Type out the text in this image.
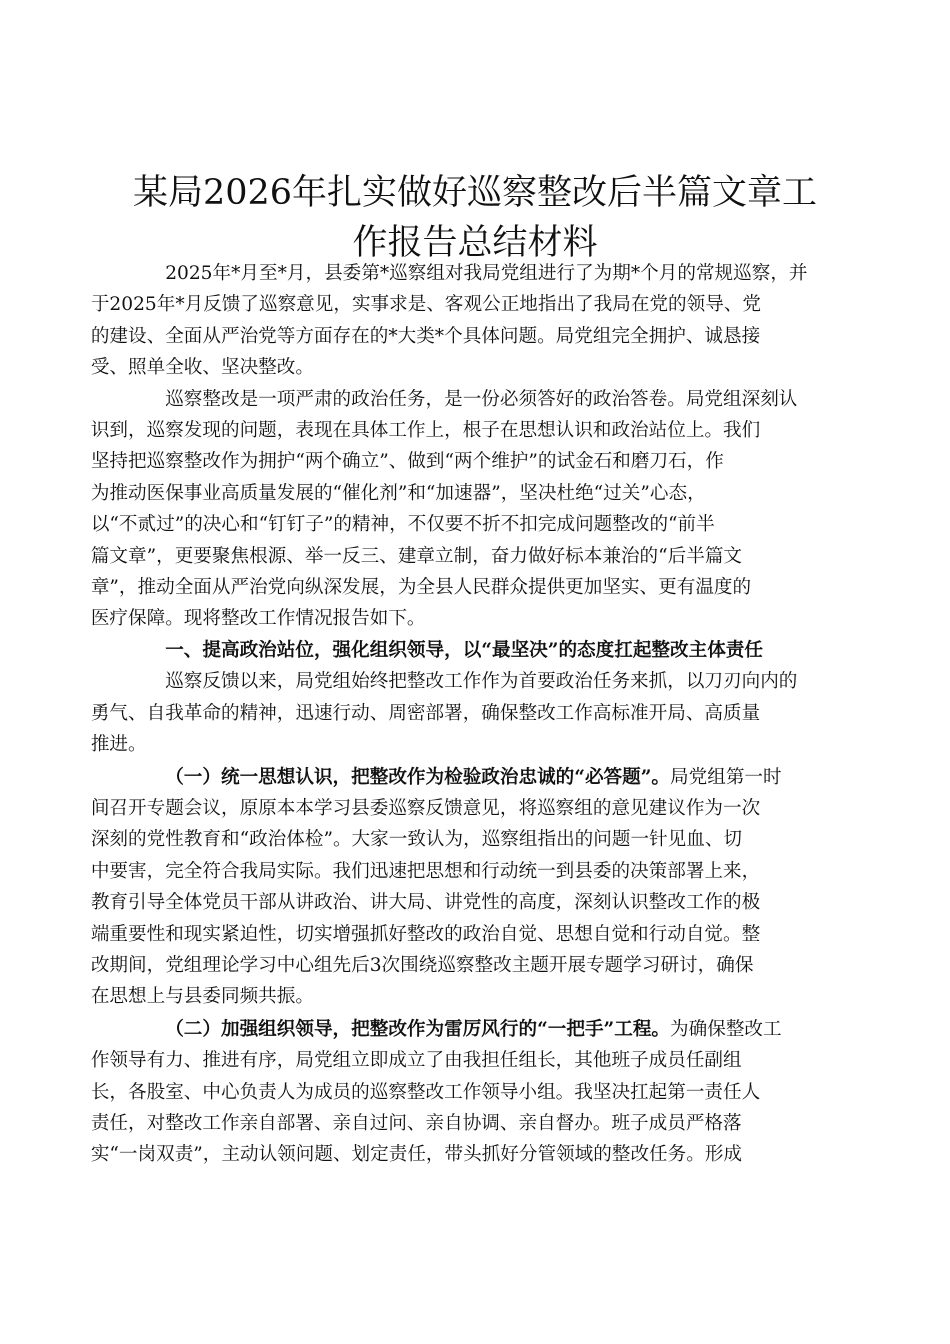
某局2026年扎实做好巡察整改后半篇文章工
作报告总结材料

2025年*月至*月，县委第*巡察组对我局党组进行了为期*个月的常规巡察，并
于2025年*月反馈了巡察意见，实事求是、客观公正地指出了我局在党的领导、党
的建设、全面从严治党等方面存在的*大类*个具体问题。局党组完全拥护、诚恳接
受、照单全收、坚决整改。

巡察整改是一项严肃的政治任务，是一份必须答好的政治答卷。局党组深刻认
识到，巡察发现的问题，表现在具体工作上，根子在思想认识和政治站位上。我们
坚持把巡察整改作为拥护“两个确立”、做到“两个维护”的试金石和磨刀石，作
为推动医保事业高质量发展的“催化剂”和“加速器”，坚决杜绝“过关”心态，
以“不贰过”的决心和“钉钉子”的精神，不仅要不折不扣完成问题整改的“前半
篇文章”，更要聚焦根源、举一反三、建章立制，奋力做好标本兼治的“后半篇文
章”，推动全面从严治党向纵深发展，为全县人民群众提供更加坚实、更有温度的
医疗保障。现将整改工作情况报告如下。

一、提高政治站位，强化组织领导，以“最坚决”的态度扛起整改主体责任

巡察反馈以来，局党组始终把整改工作作为首要政治任务来抓，以刀刃向内的
勇气、自我革命的精神，迅速行动、周密部署，确保整改工作高标准开局、高质量
推进。

（一）统一思想认识，把整改作为检验政治忠诚的“必答题”。局党组第一时
间召开专题会议，原原本本学习县委巡察反馈意见，将巡察组的意见建议作为一次
深刻的党性教育和“政治体检”。大家一致认为，巡察组指出的问题一针见血、切
中要害，完全符合我局实际。我们迅速把思想和行动统一到县委的决策部署上来，
教育引导全体党员干部从讲政治、讲大局、讲党性的高度，深刻认识整改工作的极
端重要性和现实紧迫性，切实增强抓好整改的政治自觉、思想自觉和行动自觉。整
改期间，党组理论学习中心组先后3次围绕巡察整改主题开展专题学习研讨，确保
在思想上与县委同频共振。

（二）加强组织领导，把整改作为雷厉风行的“一把手”工程。为确保整改工
作领导有力、推进有序，局党组立即成立了由我担任组长，其他班子成员任副组
长，各股室、中心负责人为成员的巡察整改工作领导小组。我坚决扛起第一责任人
责任，对整改工作亲自部署、亲自过问、亲自协调、亲自督办。班子成员严格落
实“一岗双责”，主动认领问题、划定责任，带头抓好分管领域的整改任务。形成
